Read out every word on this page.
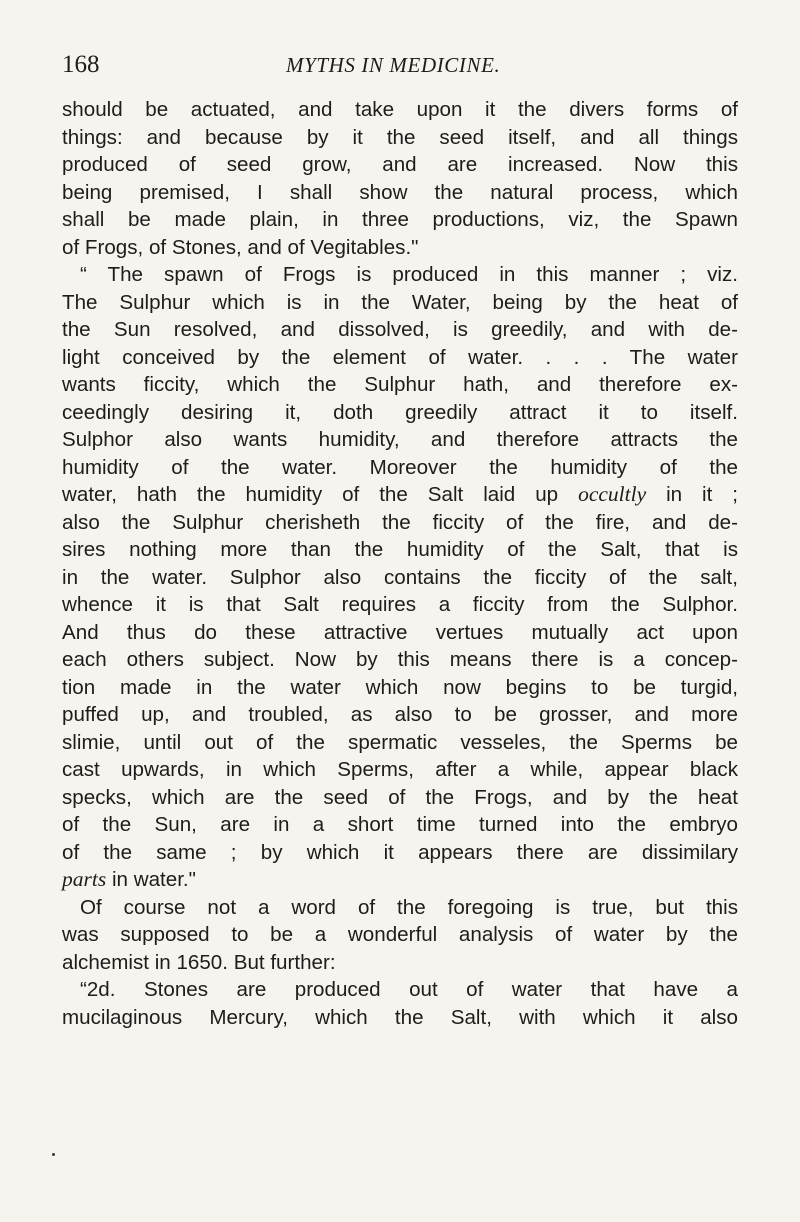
168	MYTHS IN MEDICINE.
should be actuated, and take upon it the divers forms of
things: and because by it the seed itself, and all things
produced of seed grow, and are increased. Now this
being premised, I shall show the natural process, which
shall be made plain, in three productions, viz, the Spawn
of Frogs, of Stones, and of Vegitables."
“ The spawn of Frogs is produced in this manner ; viz.
The Sulphur which is in the Water, being by the heat of
the Sun resolved, and dissolved, is greedily, and with de-
light conceived by the element of water. . . . The water
wants ficcity, which the Sulphur hath, and therefore ex-
ceedingly desiring it, doth greedily attract it to itself.
Sulphor also wants humidity, and therefore attracts the
humidity of the water. Moreover the humidity of the
water, hath the humidity of the Salt laid up occultly in it ;
also the Sulphur cherisheth the ficcity of the fire, and de-
sires nothing more than the humidity of the Salt, that is
in the water. Sulphor also contains the ficcity of the salt,
whence it is that Salt requires a ficcity from the Sulphor.
And thus do these attractive vertues mutually act upon
each others subject. Now by this means there is a concep-
tion made in the water which now begins to be turgid,
puffed up, and troubled, as also to be grosser, and more
slimie, until out of the spermatic vesseles, the Sperms be
cast upwards, in which Sperms, after a while, appear black
specks, which are the seed of the Frogs, and by the heat
of the Sun, are in a short time turned into the embryo
of the same ; by which it appears there are dissimilary
parts in water."
Of course not a word of the foregoing is true, but this
was supposed to be a wonderful analysis of water by the
alchemist in 1650. But further:
“2d. Stones are produced out of water that have a
mucilaginous Mercury, which the Salt, with which it also
